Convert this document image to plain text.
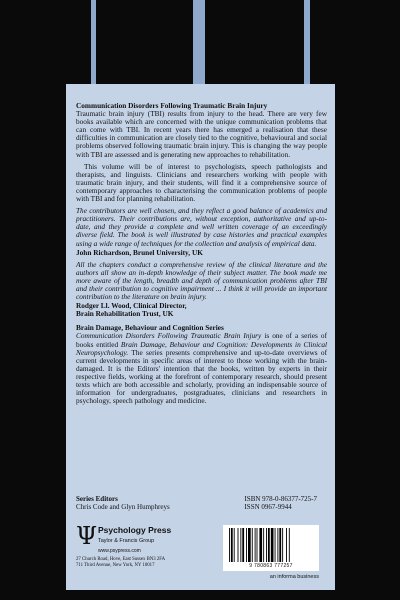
Communication Disorders Following Traumatic Brain Injury

Traumatic brain injury (TBI) results from injury to the head. There are very few books available which are concerned with the unique communication problems that can come with TBI. In recent years there has emerged a realisation that these difficulties in communication are closely tied to the cognitive, behavioural and social problems observed following traumatic brain injury. This is changing the way people with TBI are assessed and is generating new approaches to rehabilitation.

This volume will be of interest to psychologists, speech pathologists and therapists, and linguists. Clinicians and researchers working with people with traumatic brain injury, and their students, will find it a comprehensive source of contemporary approaches to characterising the communication problems of people with TBI and for planning rehabilitation.

The contributors are well chosen, and they reflect a good balance of academics and practitioners. Their contributions are, without exception, authoritative and up-to-date, and they provide a complete and well written coverage of an exceedingly diverse field. The book is well illustrated by case histories and practical examples using a wide range of techniques for the collection and analysis of empirical data.

John Richardson, Brunel University, UK

All the chapters conduct a comprehensive review of the clinical literature and the authors all show an in-depth knowledge of their subject matter. The book made me more aware of the length, breadth and depth of communication problems after TBI and their contribution to cognitive impairment ... I think it will provide an important contribution to the literature on brain injury.

Rodger Ll. Wood, Clinical Director,

Brain Rehabilitation Trust, UK

Brain Damage, Behaviour and Cognition Series

Communication Disorders Following Traumatic Brain Injury is one of a series of books entitled Brain Damage, Behaviour and Cognition: Developments in Clinical Neuropsychology. The series presents comprehensive and up-to-date overviews of current developments in specific areas of interest to those working with the brain-damaged. It is the Editors' intention that the books, written by experts in their respective fields, working at the forefront of contemporary research, should present texts which are both accessible and scholarly, providing an indispensable source of information for undergraduates, postgraduates, clinicians and researchers in psychology, speech pathology and medicine.

Series Editors
Chris Code and Glyn Humphreys
ISBN 978-0-86377-725-7
ISSN 0967-9944
Ψ Psychology Press
Taylor & Francis Group
www.psypress.com
27 Church Road, Hove, East Sussex BN3 2FA
711 Third Avenue, New York, NY 10017	9 780863 777257
an informa business
